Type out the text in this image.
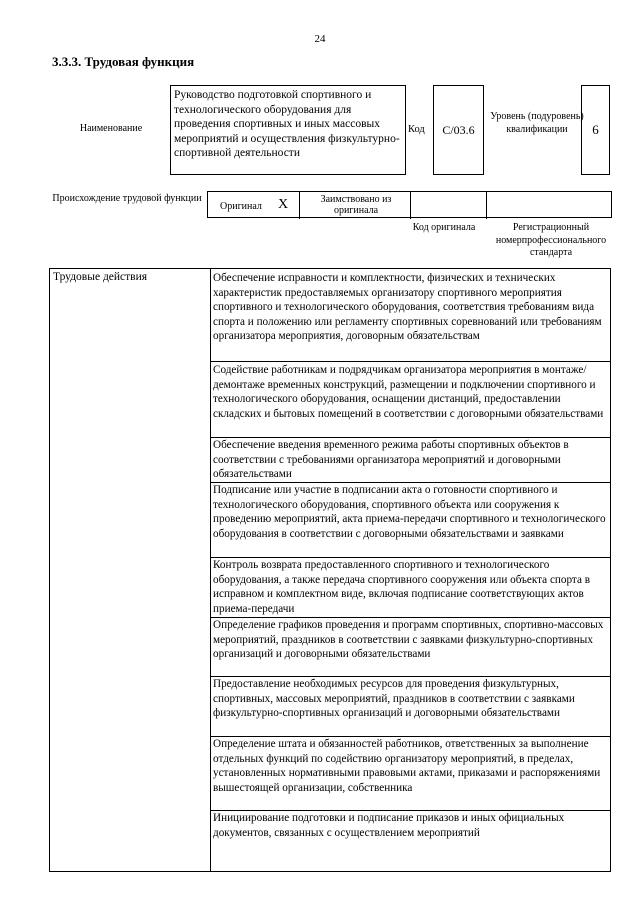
24
3.3.3. Трудовая функция
Наименование
Руководство подготовкой спортивного и технологического оборудования для проведения спортивных и иных массовых мероприятий и осуществления физкультурно-спортивной деятельности
Код С/03.6
Уровень (подуровень) квалификации	6
Происхождение трудовой функции
Оригинал X	Заимствовано из оригинала
Код оригинала	Регистрационный номерпрофессионального стандарта
Трудовые действия	Обеспечение исправности и комплектности, физических и технических характеристик предоставляемых организатору спортивного мероприятия спортивного и технологического оборудования, соответствия требованиям вида спорта и положению или регламенту спортивных соревнований или требованиям организатора мероприятия, договорным обязательствам
Содействие работникам и подрядчикам организатора мероприятия в монтаже/демонтаже временных конструкций, размещении и подключении спортивного и технологического оборудования, оснащении дистанций, предоставлении складских и бытовых помещений в соответствии с договорными обязательствами
Обеспечение введения временного режима работы спортивных объектов в соответствии с требованиями организатора мероприятий и договорными обязательствами
Подписание или участие в подписании акта о готовности спортивного и технологического оборудования, спортивного объекта или сооружения к проведению мероприятий, акта приема-передачи спортивного и технологического оборудования в соответствии с договорными обязательствами и заявками
Контроль возврата предоставленного спортивного и технологического оборудования, а также передача спортивного сооружения или объекта спорта в исправном и комплектном виде, включая подписание соответствующих актов приема-передачи
Определение графиков проведения и программ спортивных, спортивно-массовых мероприятий, праздников в соответствии с заявками физкультурно-спортивных организаций и договорными обязательствами
Предоставление необходимых ресурсов для проведения физкультурных, спортивных, массовых мероприятий, праздников в соответствии с заявками физкультурно-спортивных организаций и договорными обязательствами
Определение штата и обязанностей работников, ответственных за выполнение отдельных функций по содействию организатору мероприятий, в пределах, установленных нормативными правовыми актами, приказами и распоряжениями вышестоящей организации, собственника
Инициирование подготовки и подписание приказов и иных официальных документов, связанных с осуществлением мероприятий
